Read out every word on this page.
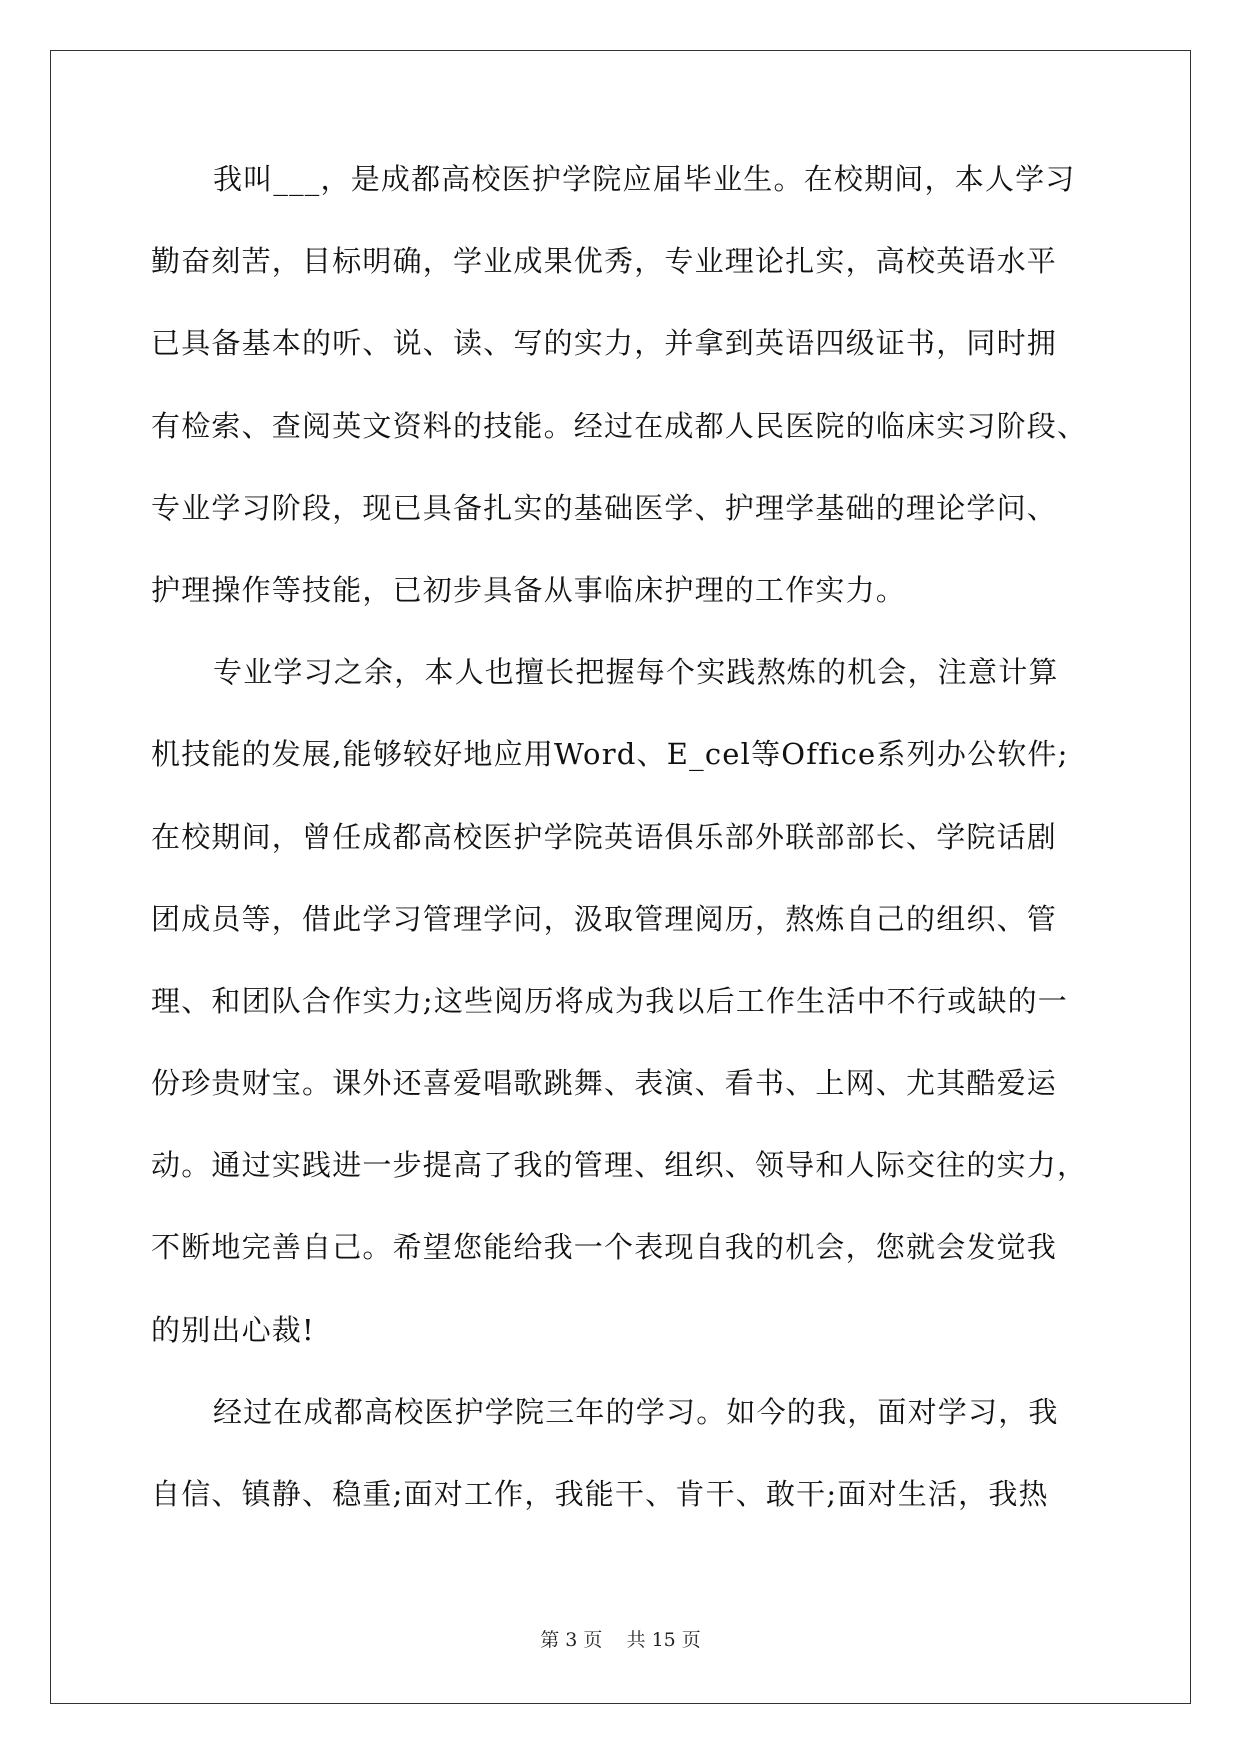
我叫___，是成都高校医护学院应届毕业生。在校期间，本人学习
勤奋刻苦，目标明确，学业成果优秀，专业理论扎实，高校英语水平
已具备基本的听、说、读、写的实力，并拿到英语四级证书，同时拥
有检索、查阅英文资料的技能。经过在成都人民医院的临床实习阶段、
专业学习阶段，现已具备扎实的基础医学、护理学基础的理论学问、
护理操作等技能，已初步具备从事临床护理的工作实力。
专业学习之余，本人也擅长把握每个实践熬炼的机会，注意计算
机技能的发展,能够较好地应用Word、E_cel等Office系列办公软件;
在校期间，曾任成都高校医护学院英语俱乐部外联部部长、学院话剧
团成员等，借此学习管理学问，汲取管理阅历，熬炼自己的组织、管
理、和团队合作实力;这些阅历将成为我以后工作生活中不行或缺的一
份珍贵财宝。课外还喜爱唱歌跳舞、表演、看书、上网、尤其酷爱运
动。通过实践进一步提高了我的管理、组织、领导和人际交往的实力，
不断地完善自己。希望您能给我一个表现自我的机会，您就会发觉我
的别出心裁!
经过在成都高校医护学院三年的学习。如今的我，面对学习，我
自信、镇静、稳重;面对工作，我能干、肯干、敢干;面对生活，我热
第 3 页    共 15 页
